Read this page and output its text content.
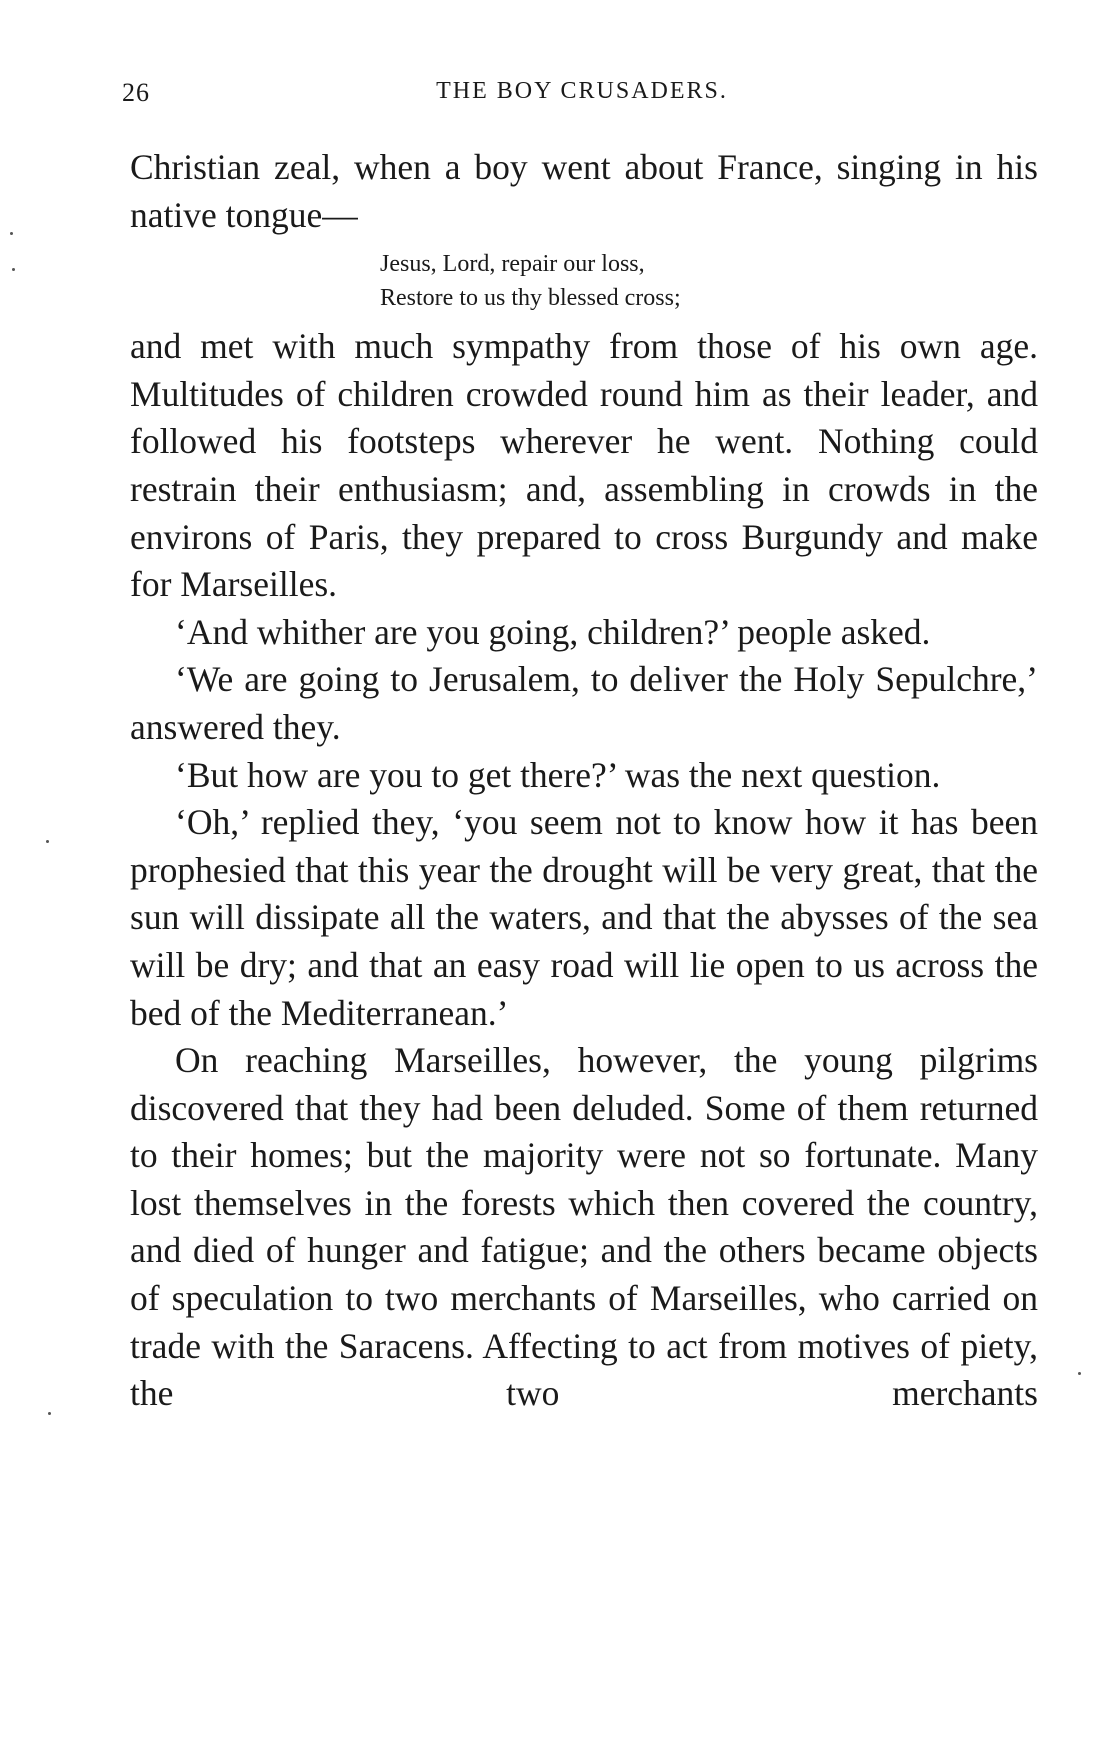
26	THE BOY CRUSADERS.

Christian zeal, when a boy went about France, singing in his native tongue—

Jesus, Lord, repair our loss,
Restore to us thy blessed cross;

and met with much sympathy from those of his own age. Multitudes of children crowded round him as their leader, and followed his footsteps wherever he went. Nothing could restrain their enthusiasm; and, assembling in crowds in the environs of Paris, they prepared to cross Burgundy and make for Marseilles.

‘And whither are you going, children?’ people asked.

‘We are going to Jerusalem, to deliver the Holy Sepulchre,’ answered they.

‘But how are you to get there?’ was the next question.

‘Oh,’ replied they, ‘you seem not to know how it has been prophesied that this year the drought will be very great, that the sun will dissipate all the waters, and that the abysses of the sea will be dry; and that an easy road will lie open to us across the bed of the Mediterranean.’

On reaching Marseilles, however, the young pilgrims discovered that they had been deluded. Some of them returned to their homes; but the majority were not so fortunate. Many lost themselves in the forests which then covered the country, and died of hunger and fatigue; and the others became objects of speculation to two merchants of Marseilles, who carried on trade with the Saracens. Affecting to act from motives of piety, the two merchants
